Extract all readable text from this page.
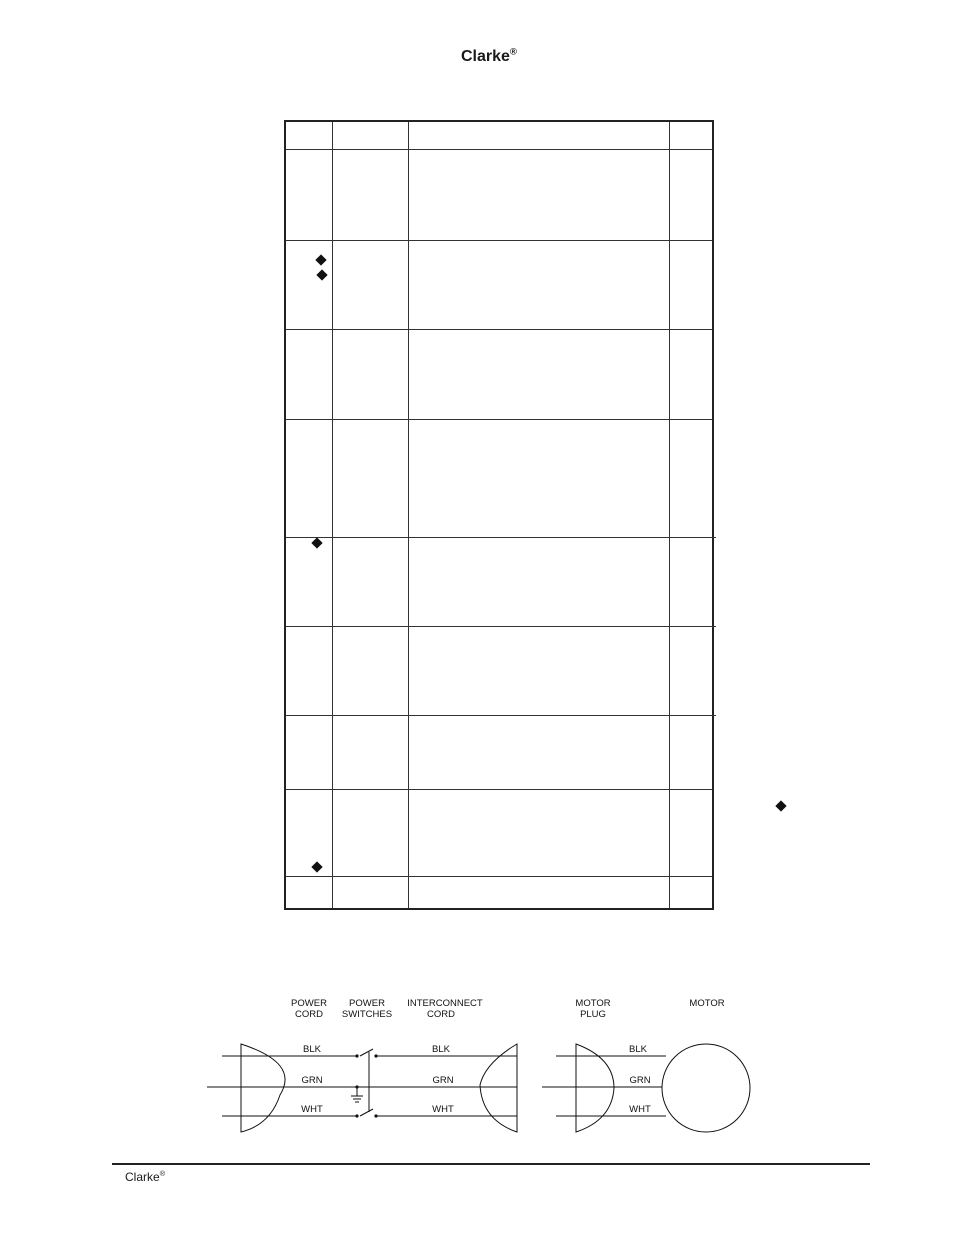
Clarke®
POWER
CORD
POWER
SWITCHES
INTERCONNECT
CORD
MOTOR
PLUG
MOTOR
BLK
GRN
WHT
BLK
GRN
WHT
BLK
GRN
WHT
Clarke®
